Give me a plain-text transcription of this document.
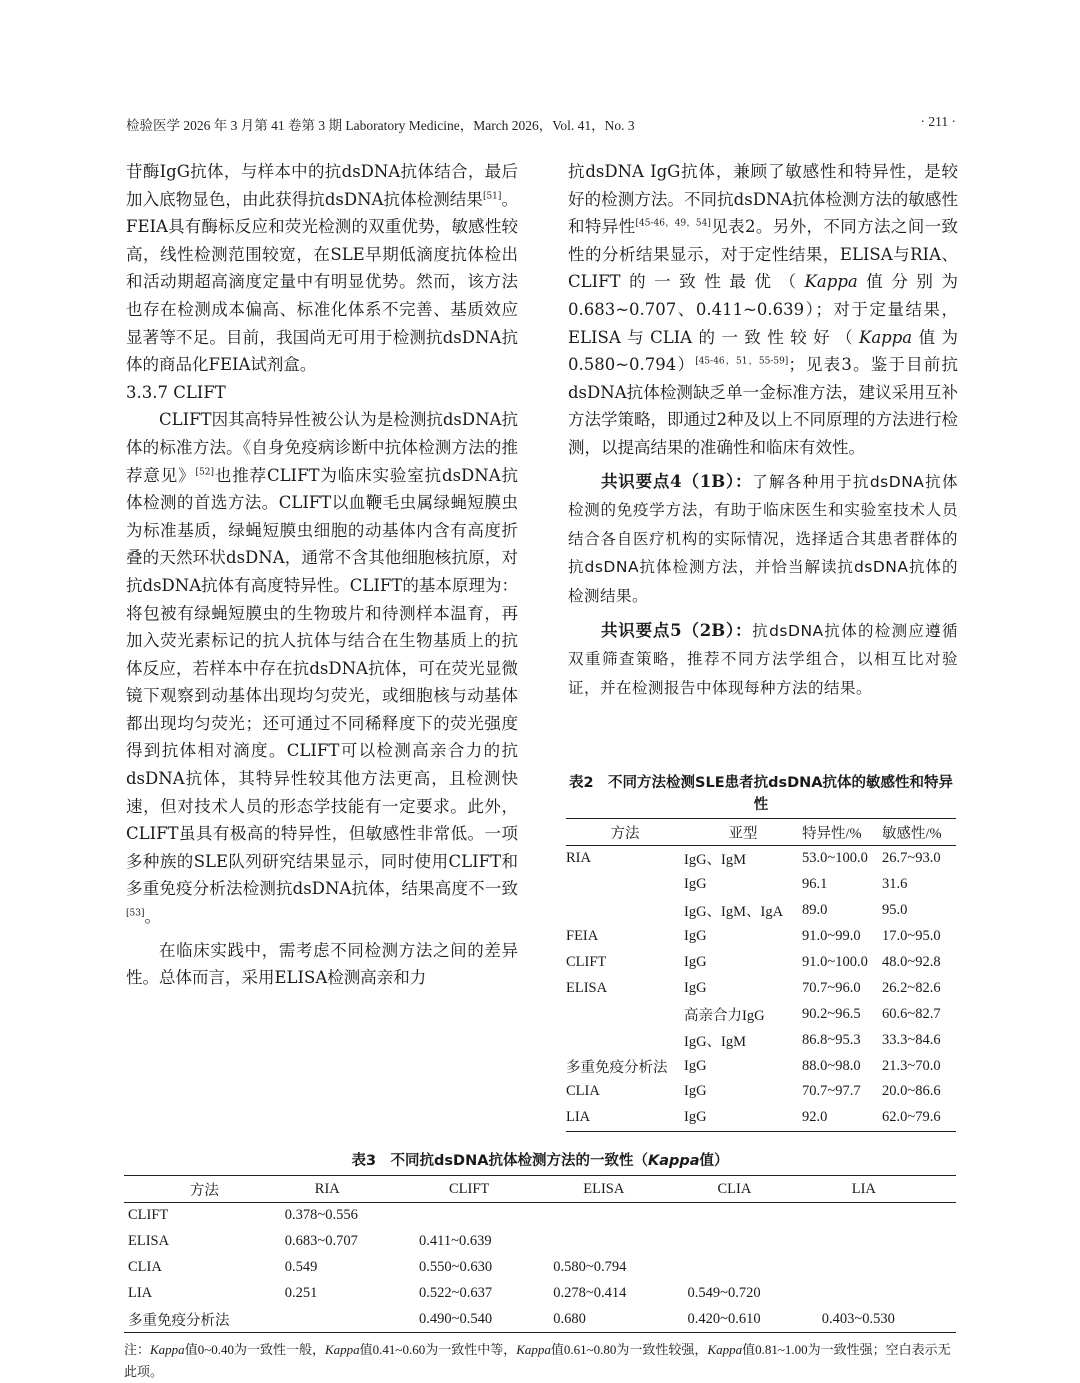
检验医学 2026 年 3 月第 41 卷第 3 期 Laboratory Medicine，March 2026，Vol. 41，No. 3	· 211 ·

苷酶IgG抗体，与样本中的抗dsDNA抗体结合，最后加入底物显色，由此获得抗dsDNA抗体检测结果[51]。FEIA具有酶标反应和荧光检测的双重优势，敏感性较高，线性检测范围较宽，在SLE早期低滴度抗体检出和活动期超高滴度定量中有明显优势。然而，该方法也存在检测成本偏高、标准化体系不完善、基质效应显著等不足。目前，我国尚无可用于检测抗dsDNA抗体的商品化FEIA试剂盒。

3.3.7 CLIFT

CLIFT因其高特异性被公认为是检测抗dsDNA抗体的标准方法。《自身免疫病诊断中抗体检测方法的推荐意见》[52]也推荐CLIFT为临床实验室抗dsDNA抗体检测的首选方法。CLIFT以血鞭毛虫属绿蝇短膜虫为标准基质，绿蝇短膜虫细胞的动基体内含有高度折叠的天然环状dsDNA，通常不含其他细胞核抗原，对抗dsDNA抗体有高度特异性。CLIFT的基本原理为：将包被有绿蝇短膜虫的生物玻片和待测样本温育，再加入荧光素标记的抗人抗体与结合在生物基质上的抗体反应，若样本中存在抗dsDNA抗体，可在荧光显微镜下观察到动基体出现均匀荧光，或细胞核与动基体都出现均匀荧光；还可通过不同稀释度下的荧光强度得到抗体相对滴度。CLIFT可以检测高亲合力的抗dsDNA抗体，其特异性较其他方法更高，且检测快速，但对技术人员的形态学技能有一定要求。此外，CLIFT虽具有极高的特异性，但敏感性非常低。一项多种族的SLE队列研究结果显示，同时使用CLIFT和多重免疫分析法检测抗dsDNA抗体，结果高度不一致[53]。

在临床实践中，需考虑不同检测方法之间的差异性。总体而言，采用ELISA检测高亲和力

抗dsDNA IgG抗体，兼顾了敏感性和特异性，是较好的检测方法。不同抗dsDNA抗体检测方法的敏感性和特异性[45-46，49，54]见表2。另外，不同方法之间一致性的分析结果显示，对于定性结果，ELISA与RIA、CLIFT的一致性最优（Kappa值分别为0.683~0.707、0.411~0.639）；对于定量结果，ELISA与CLIA的一致性较好（Kappa值为0.580~0.794）[45-46，51，55-59]；见表3。鉴于目前抗dsDNA抗体检测缺乏单一金标准方法，建议采用互补方法学策略，即通过2种及以上不同原理的方法进行检测，以提高结果的准确性和临床有效性。

共识要点4（1B）：了解各种用于抗dsDNA抗体检测的免疫学方法，有助于临床医生和实验室技术人员结合各自医疗机构的实际情况，选择适合其患者群体的抗dsDNA抗体检测方法，并恰当解读抗dsDNA抗体的检测结果。

共识要点5（2B）：抗dsDNA抗体的检测应遵循双重筛查策略，推荐不同方法学组合，以相互比对验证，并在检测报告中体现每种方法的结果。

表2　不同方法检测SLE患者抗dsDNA抗体的敏感性和特异性
方法	亚型	特异性/%	敏感性/%
RIA	IgG、IgM	53.0~100.0	26.7~93.0
	IgG	96.1	31.6
	IgG、IgM、IgA	89.0	95.0
FEIA	IgG	91.0~99.0	17.0~95.0
CLIFT	IgG	91.0~100.0	48.0~92.8
ELISA	IgG	70.7~96.0	26.2~82.6
	高亲合力IgG	90.2~96.5	60.6~82.7
	IgG、IgM	86.8~95.3	33.3~84.6
多重免疫分析法	IgG	88.0~98.0	21.3~70.0
CLIA	IgG	70.7~97.7	20.0~86.6
LIA	IgG	92.0	62.0~79.6
表3　不同抗dsDNA抗体检测方法的一致性（Kappa值）
方法	RIA	CLIFT	ELISA	CLIA	LIA
CLIFT	0.378~0.556				
ELISA	0.683~0.707	0.411~0.639			
CLIA	0.549	0.550~0.630	0.580~0.794		
LIA	0.251	0.522~0.637	0.278~0.414	0.549~0.720	
多重免疫分析法		0.490~0.540	0.680	0.420~0.610	0.403~0.530
注：Kappa值0~0.40为一致性一般，Kappa值0.41~0.60为一致性中等，Kappa值0.61~0.80为一致性较强，Kappa值0.81~1.00为一致性强；空白表示无此项。
